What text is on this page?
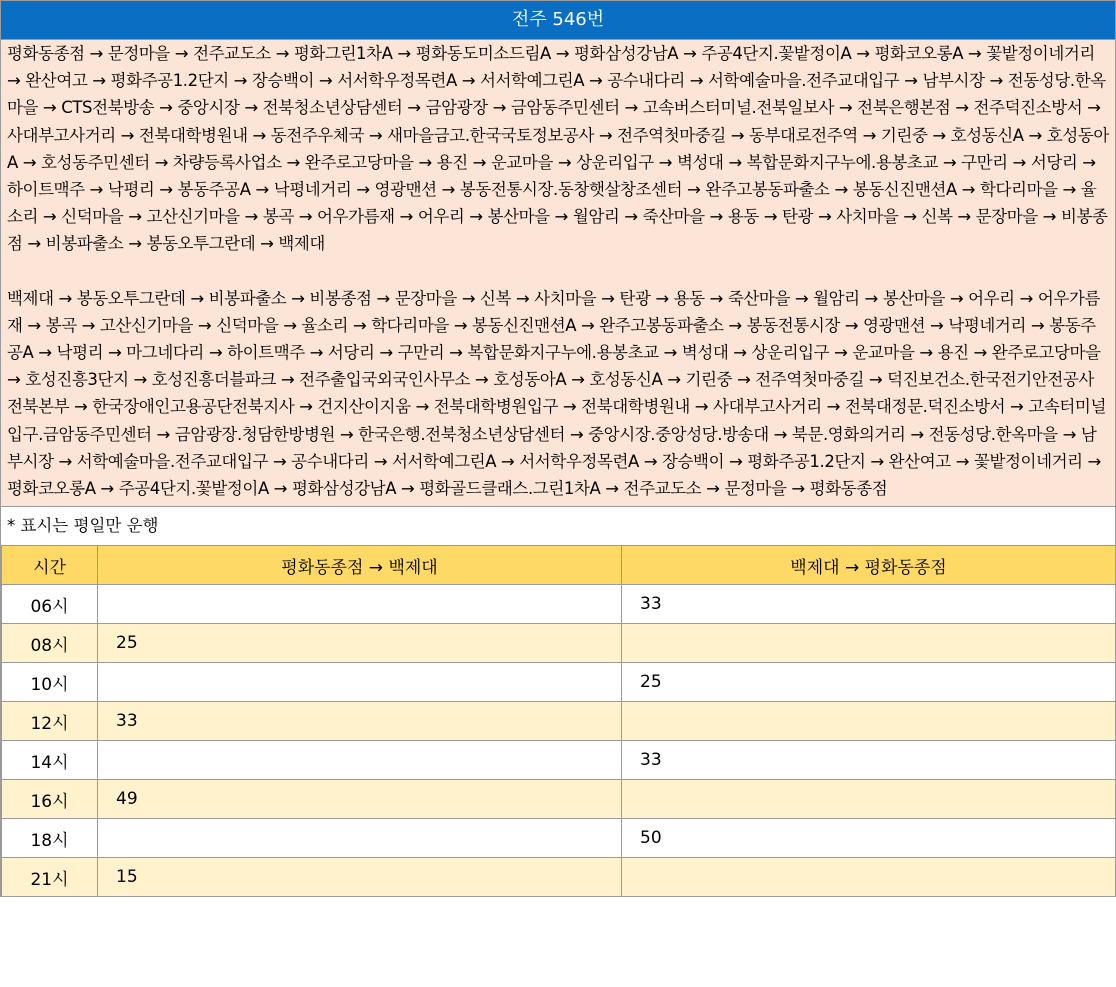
전주 546번

평화동종점 → 문정마을 → 전주교도소 → 평화그린1차A → 평화동도미소드림A → 평화삼성강남A → 주공4단지.꽃밭정이A → 평화코오롱A → 꽃밭정이네거리 → 완산여고 → 평화주공1.2단지 → 장승백이 → 서서학우정목련A → 서서학예그린A → 공수내다리 → 서학예술마을.전주교대입구 → 남부시장 → 전동성당.한옥마을 → CTS전북방송 → 중앙시장 → 전북청소년상담센터 → 금암광장 → 금암동주민센터 → 고속버스터미널.전북일보사 → 전북은행본점 → 전주덕진소방서 → 사대부고사거리 → 전북대학병원내 → 동전주우체국 → 새마을금고.한국국토정보공사 → 전주역첫마중길 → 동부대로전주역 → 기린중 → 호성동신A → 호성동아A → 호성동주민센터 → 차량등록사업소 → 완주로고당마을 → 용진 → 운교마을 → 상운리입구 → 벽성대 → 복합문화지구누에.용봉초교 → 구만리 → 서당리 → 하이트맥주 → 낙평리 → 봉동주공A → 낙평네거리 → 영광맨션 → 봉동전통시장.동창햇살창조센터 → 완주고봉동파출소 → 봉동신진맨션A → 학다리마을 → 율소리 → 신덕마을 → 고산신기마을 → 봉곡 → 어우가름재 → 어우리 → 봉산마을 → 월암리 → 죽산마을 → 용동 → 탄광 → 사치마을 → 신복 → 문장마을 → 비봉종점 → 비봉파출소 → 봉동오투그란데 → 백제대

백제대 → 봉동오투그란데 → 비봉파출소 → 비봉종점 → 문장마을 → 신복 → 사치마을 → 탄광 → 용동 → 죽산마을 → 월암리 → 봉산마을 → 어우리 → 어우가름재 → 봉곡 → 고산신기마을 → 신덕마을 → 율소리 → 학다리마을 → 봉동신진맨션A → 완주고봉동파출소 → 봉동전통시장 → 영광맨션 → 낙평네거리 → 봉동주공A → 낙평리 → 마그네다리 → 하이트맥주 → 서당리 → 구만리 → 복합문화지구누에.용봉초교 → 벽성대 → 상운리입구 → 운교마을 → 용진 → 완주로고당마을 → 호성진흥3단지 → 호성진흥더블파크 → 전주출입국외국인사무소 → 호성동아A → 호성동신A → 기린중 → 전주역첫마중길 → 덕진보건소.한국전기안전공사전북본부 → 한국장애인고용공단전북지사 → 건지산이지움 → 전북대학병원입구 → 전북대학병원내 → 사대부고사거리 → 전북대정문.덕진소방서 → 고속터미널입구.금암동주민센터 → 금암광장.청담한방병원 → 한국은행.전북청소년상담센터 → 중앙시장.중앙성당.방송대 → 북문.영화의거리 → 전동성당.한옥마을 → 남부시장 → 서학예술마을.전주교대입구 → 공수내다리 → 서서학예그린A → 서서학우정목련A → 장승백이 → 평화주공1.2단지 → 완산여고 → 꽃밭정이네거리 → 평화코오롱A → 주공4단지.꽃밭정이A → 평화삼성강남A → 평화골드클래스.그린1차A → 전주교도소 → 문정마을 → 평화동종점

* 표시는 평일만 운행
시간	평화동종점 → 백제대	백제대 → 평화동종점
06시		33
08시	25	
10시		25
12시	33	
14시		33
16시	49	
18시		50
21시	15	
